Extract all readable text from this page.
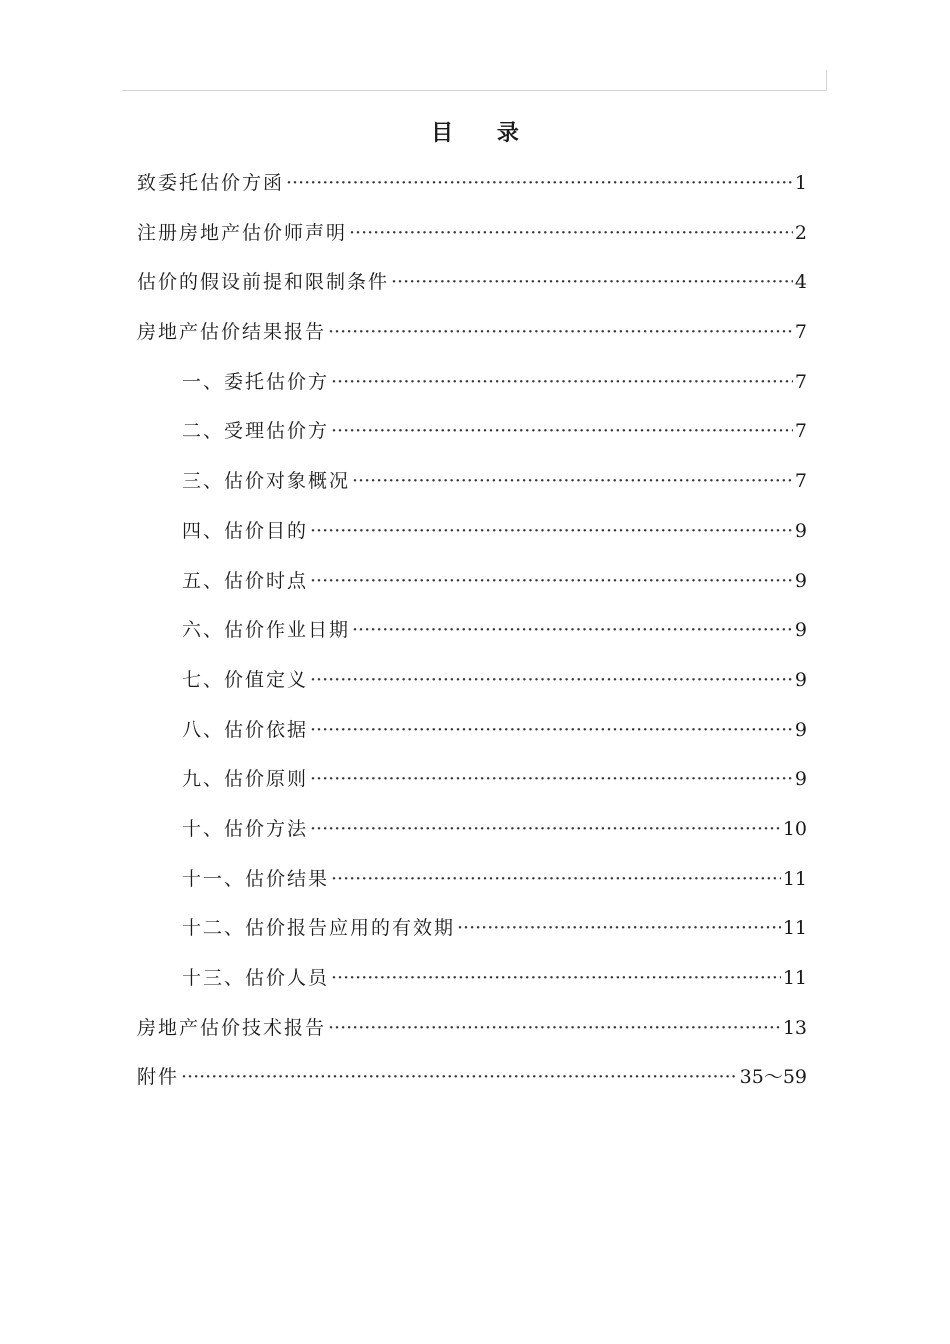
目 录
致委托估价方函 ·····	1
注册房地产估价师声明 ·····	2
估价的假设前提和限制条件 ·····	4
房地产估价结果报告 ·····	7
一、委托估价方 ·····	7
二、受理估价方 ·····	7
三、估价对象概况 ·····	7
四、估价目的 ·····	9
五、估价时点 ·····	9
六、估价作业日期 ·····	9
七、价值定义 ·····	9
八、估价依据 ·····	9
九、估价原则 ·····	9
十、估价方法 ·····	10
十一、估价结果 ·····	11
十二、估价报告应用的有效期 ·····	11
十三、估价人员 ·····	11
房地产估价技术报告 ·····	13
附件 ·····	35～59
